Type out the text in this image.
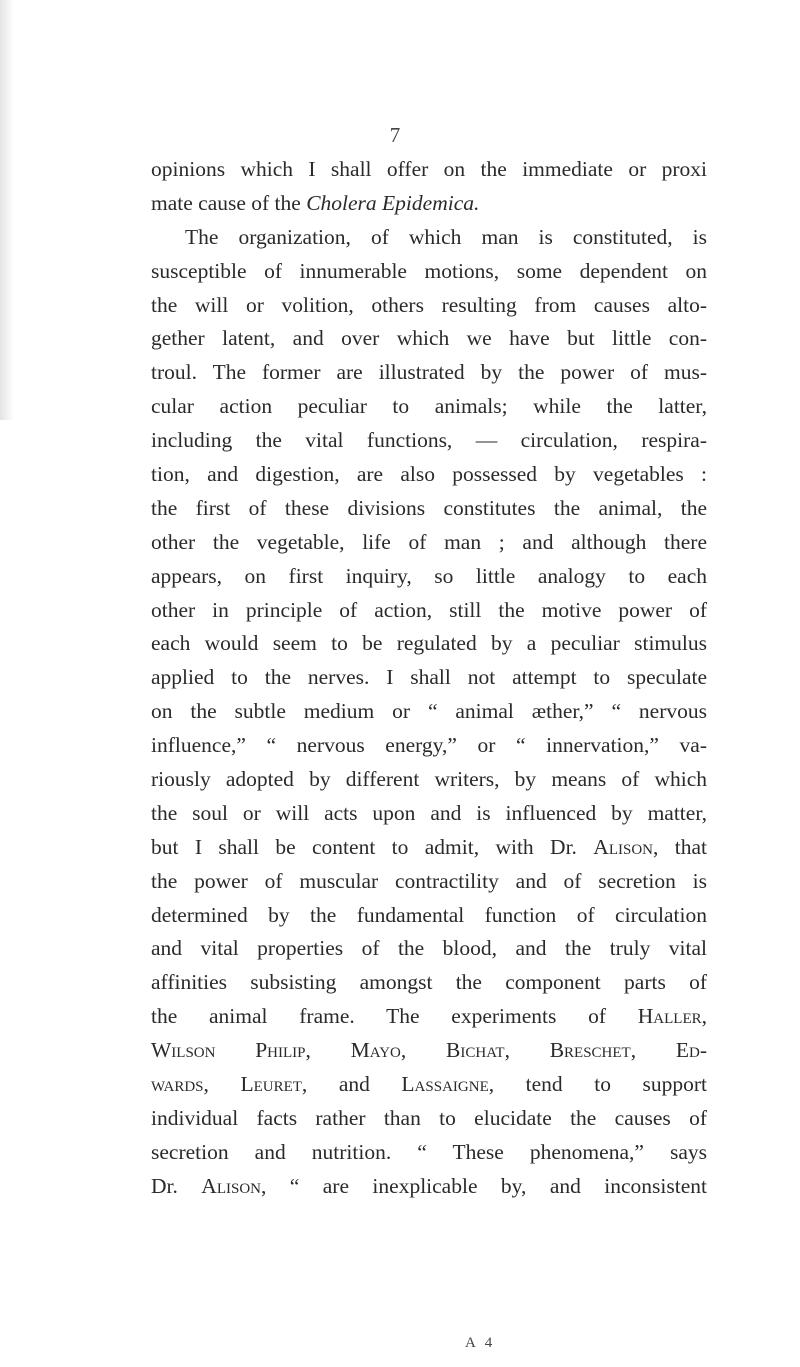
7
opinions which I shall offer on the immediate or proxi
mate cause of the Cholera Epidemica.
The organization, of which man is constituted, is
susceptible of innumerable motions, some dependent on
the will or volition, others resulting from causes alto-
gether latent, and over which we have but little con-
troul. The former are illustrated by the power of mus-
cular action peculiar to animals; while the latter,
including the vital functions, — circulation, respira-
tion, and digestion, are also possessed by vegetables :
the first of these divisions constitutes the animal, the
other the vegetable, life of man ; and although there
appears, on first inquiry, so little analogy to each
other in principle of action, still the motive power of
each would seem to be regulated by a peculiar stimulus
applied to the nerves. I shall not attempt to speculate
on the subtle medium or “ animal æther,” “ nervous
influence,” “ nervous energy,” or “ innervation,” va-
riously adopted by different writers, by means of which
the soul or will acts upon and is influenced by matter,
but I shall be content to admit, with Dr. Alison, that
the power of muscular contractility and of secretion is
determined by the fundamental function of circulation
and vital properties of the blood, and the truly vital
affinities subsisting amongst the component parts of
the animal frame. The experiments of Haller,
Wilson Philip, Mayo, Bichat, Breschet, Ed-
wards, Leuret, and Lassaigne, tend to support
individual facts rather than to elucidate the causes of
secretion and nutrition. “ These phenomena,” says
Dr. Alison, “ are inexplicable by, and inconsistent
A 4
